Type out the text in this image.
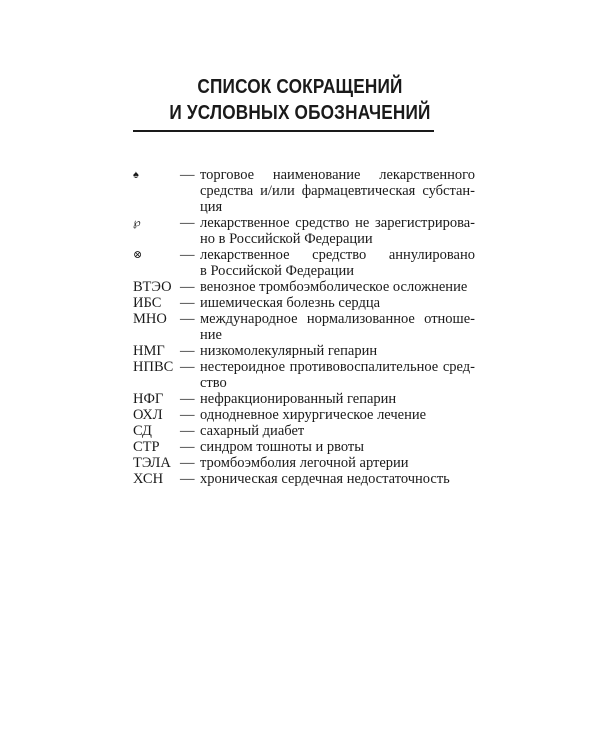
СПИСОК СОКРАЩЕНИЙ
И УСЛОВНЫХ ОБОЗНАЧЕНИЙ
♠	— торговое наименование лекарственного
средства и/или фармацевтическая субстан-
ция
℘	— лекарственное средство не зарегистрирова-
но в Российской Федерации
⊗	— лекарственное средство аннулировано
в Российской Федерации
ВТЭО — венозное тромбоэмболическое осложнение
ИБС	— ишемическая болезнь сердца
МНО — международное нормализованное отноше-
ние
НМГ	— низкомолекулярный гепарин
НПВС — нестероидное противовоспалительное сред-
ство
НФГ	— нефракционированный гепарин
ОХЛ	— однодневное хирургическое лечение
СД	— сахарный диабет
СТР	— синдром тошноты и рвоты
ТЭЛА — тромбоэмболия легочной артерии
ХСН	— хроническая сердечная недостаточность
